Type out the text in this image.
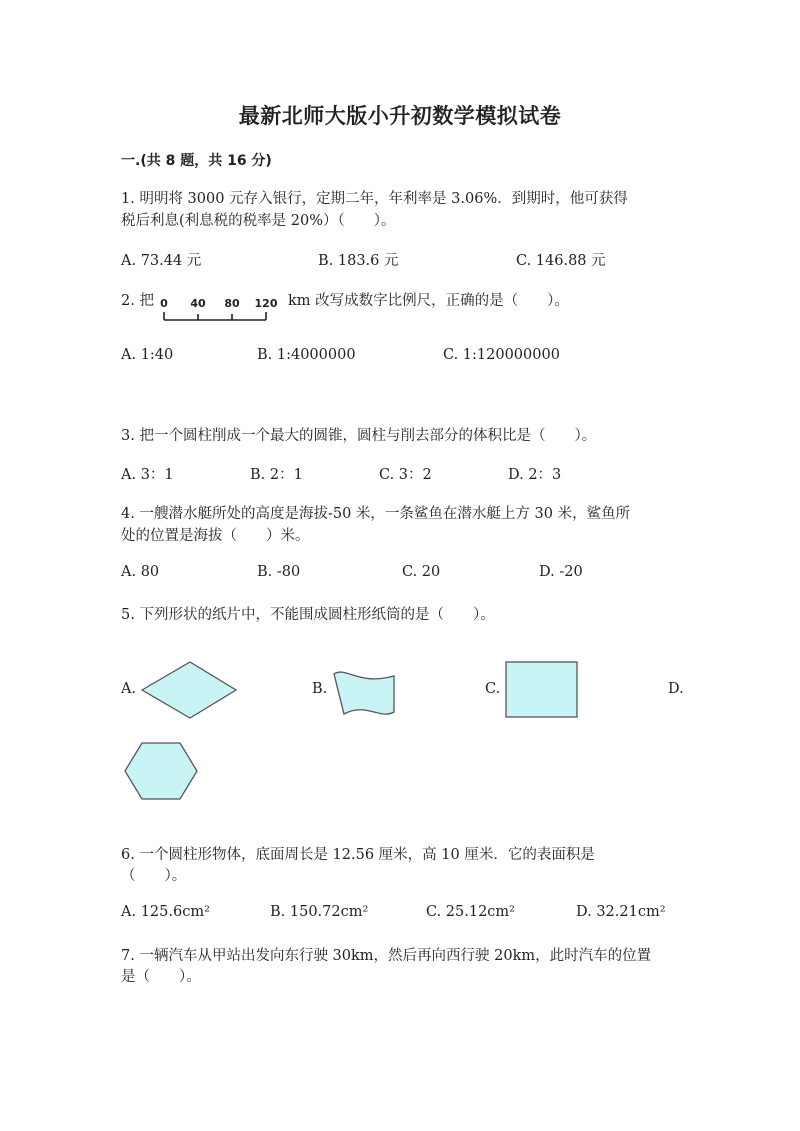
最新北师大版小升初数学模拟试卷
一.(共 8 题，共 16 分)
1. 明明将 3000 元存入银行，定期二年，年利率是 3.06%．到期时，他可获得
税后利息(利息税的税率是 20%）（　　）。
A. 73.44 元	B. 183.6 元	C. 146.88 元
2. 把 0 40 80 120 km 改写成数字比例尺，正确的是（　　）。
A. 1:40	B. 1:4000000	C. 1:120000000
3. 把一个圆柱削成一个最大的圆锥，圆柱与削去部分的体积比是（　　）。
A. 3：1	B. 2：1	C. 3：2	D. 2：3
4. 一艘潜水艇所处的高度是海拔-50 米，一条鲨鱼在潜水艇上方 30 米，鲨鱼所
处的位置是海拔（　　）米。
A. 80	B. -80	C. 20	D. -20
5. 下列形状的纸片中，不能围成圆柱形纸筒的是（　　）。
A.	B.	C.	D.
6. 一个圆柱形物体，底面周长是 12.56 厘米，高 10 厘米．它的表面积是
（　　）。
A. 125.6cm²	B. 150.72cm²	C. 25.12cm²	D. 32.21cm²
7. 一辆汽车从甲站出发向东行驶 30km，然后再向西行驶 20km，此时汽车的位置
是（　　）。
